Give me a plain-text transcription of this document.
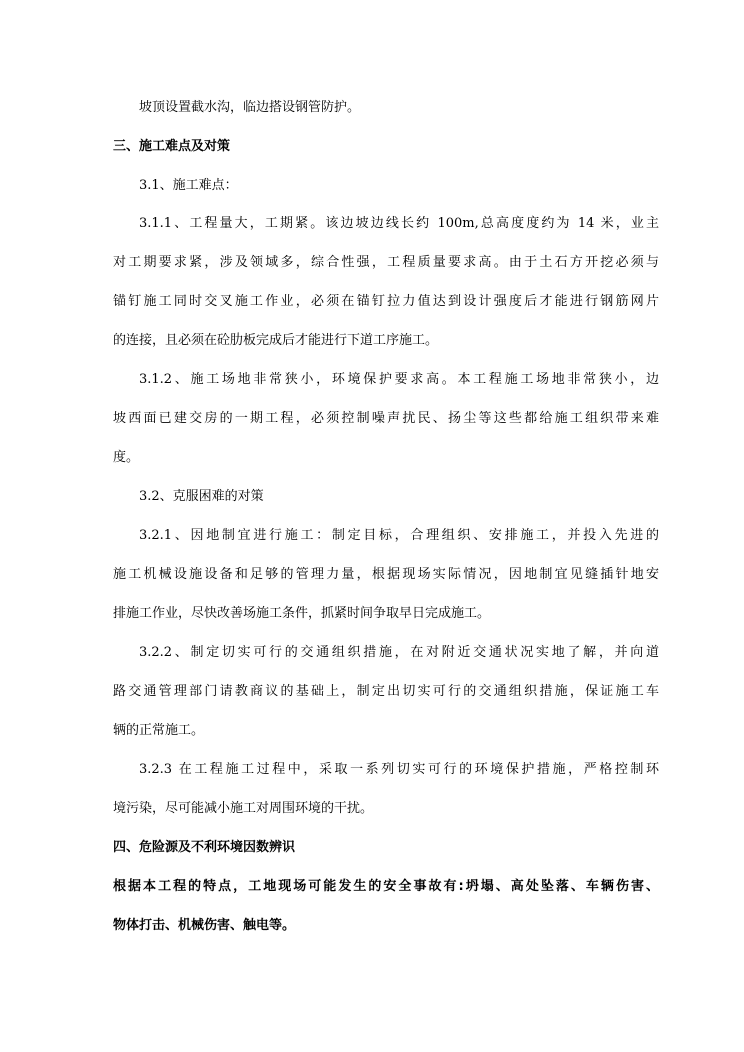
坡顶设置截水沟，临边搭设钢管防护。
三、施工难点及对策
3.1、施工难点：
3.1.1、工程量大，工期紧。该边坡边线长约 100m,总高度度约为 14 米，业主
对工期要求紧，涉及领域多，综合性强，工程质量要求高。由于土石方开挖必须与
锚钉施工同时交叉施工作业，必须在锚钉拉力值达到设计强度后才能进行钢筋网片
的连接，且必须在砼肋板完成后才能进行下道工序施工。
3.1.2、施工场地非常狭小，环境保护要求高。本工程施工场地非常狭小，边
坡西面已建交房的一期工程，必须控制噪声扰民、扬尘等这些都给施工组织带来难
度。
3.2、克服困难的对策
3.2.1、因地制宜进行施工：制定目标，合理组织、安排施工，并投入先进的
施工机械设施设备和足够的管理力量，根据现场实际情况，因地制宜见缝插针地安
排施工作业，尽快改善场施工条件，抓紧时间争取早日完成施工。
3.2.2、制定切实可行的交通组织措施，在对附近交通状况实地了解，并向道
路交通管理部门请教商议的基础上，制定出切实可行的交通组织措施，保证施工车
辆的正常施工。
3.2.3 在工程施工过程中，采取一系列切实可行的环境保护措施，严格控制环
境污染，尽可能减小施工对周围环境的干扰。
四、危险源及不利环境因数辨识
根据本工程的特点，工地现场可能发生的安全事故有:坍塌、高处坠落、车辆伤害、
物体打击、机械伤害、触电等。
